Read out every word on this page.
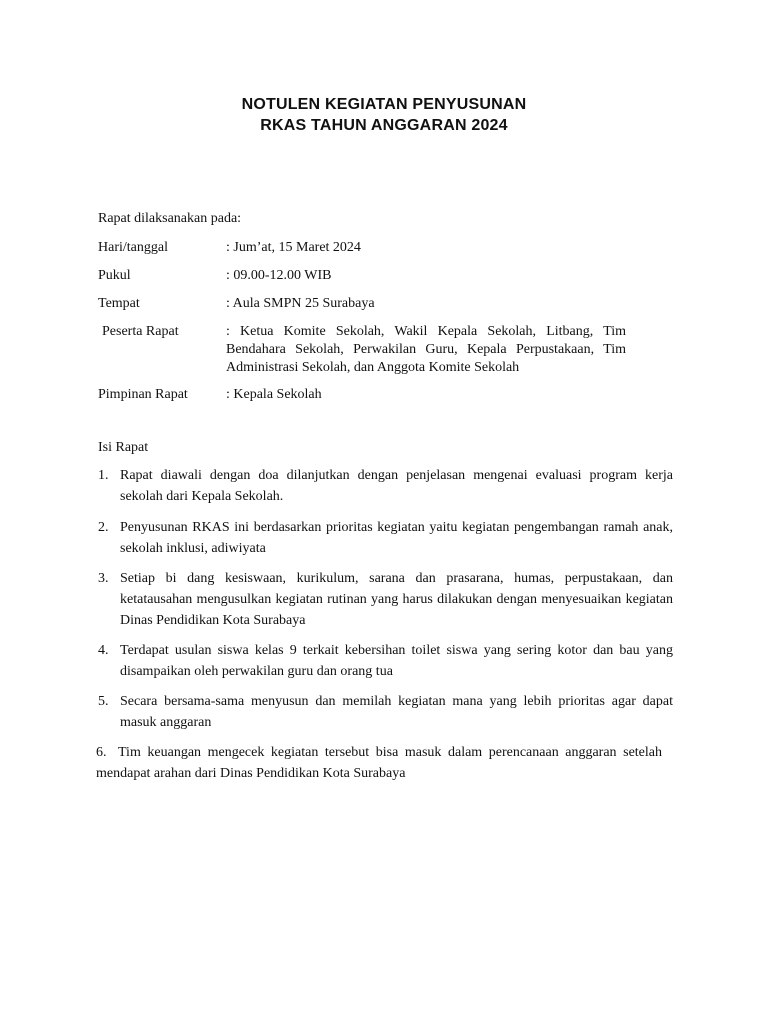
NOTULEN KEGIATAN PENYUSUNAN
RKAS TAHUN ANGGARAN 2024
Rapat dilaksanakan pada:
Hari/tanggal	: Jum’at, 15 Maret 2024
Pukul	: 09.00-12.00 WIB
Tempat	: Aula SMPN 25 Surabaya
Peserta Rapat	: Ketua Komite Sekolah, Wakil Kepala Sekolah, Litbang, Tim Bendahara Sekolah, Perwakilan Guru, Kepala Perpustakaan, Tim Administrasi Sekolah, dan Anggota Komite Sekolah
Pimpinan Rapat	: Kepala Sekolah
Isi Rapat
1. Rapat diawali dengan doa dilanjutkan dengan penjelasan mengenai evaluasi program kerja sekolah dari Kepala Sekolah.
2. Penyusunan RKAS ini berdasarkan prioritas kegiatan yaitu kegiatan pengembangan ramah anak, sekolah inklusi, adiwiyata
3. Setiap bi dang kesiswaan, kurikulum, sarana dan prasarana, humas, perpustakaan, dan ketatausahan mengusulkan kegiatan rutinan yang harus dilakukan dengan menyesuaikan kegiatan Dinas Pendidikan Kota Surabaya
4. Terdapat usulan siswa kelas 9 terkait kebersihan toilet siswa yang sering kotor dan bau yang disampaikan oleh perwakilan guru dan orang tua
5. Secara bersama-sama menyusun dan memilah kegiatan mana yang lebih prioritas agar dapat masuk anggaran
6. Tim keuangan mengecek kegiatan tersebut bisa masuk dalam perencanaan anggaran setelah mendapat arahan dari Dinas Pendidikan Kota Surabaya
